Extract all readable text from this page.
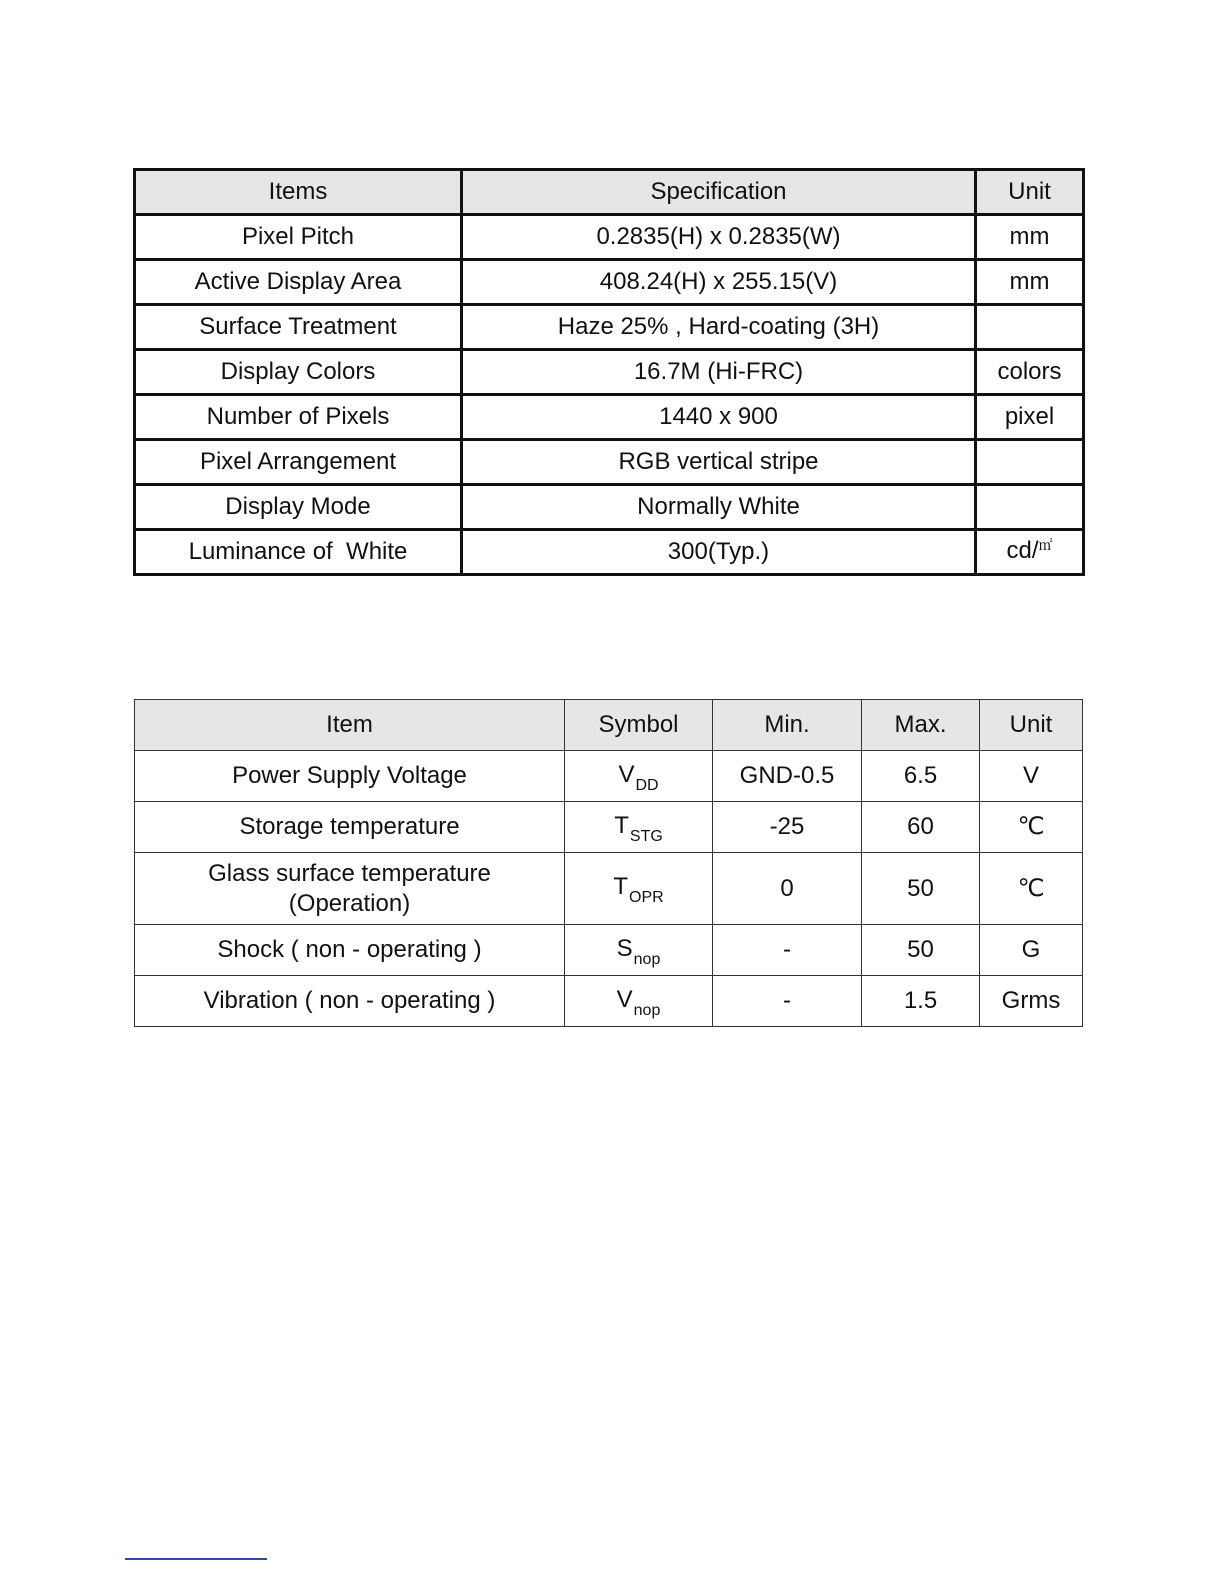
Items	Specification	Unit
Pixel Pitch	0.2835(H) x 0.2835(W)	mm
Active Display Area	408.24(H) x 255.15(V)	mm
Surface Treatment	Haze 25% , Hard-coating (3H)	
Display Colors	16.7M (Hi-FRC)	colors
Number of Pixels	1440 x 900	pixel
Pixel Arrangement	RGB vertical stripe	
Display Mode	Normally White	
Luminance of  White	300(Typ.)	cd/㎡
Item	Symbol	Min.	Max.	Unit
Power Supply Voltage	$V_{DD}$	GND-0.5	6.5	V
Storage temperature	$T_{STG}$	-25	60	℃

Glass surface temperature
(Operation)	$T_{OPR}$	0	50	℃
Shock ( non - operating )	$S_{nop}$	-	50	G
Vibration ( non - operating )	$V_{nop}$	-	1.5	Grms
